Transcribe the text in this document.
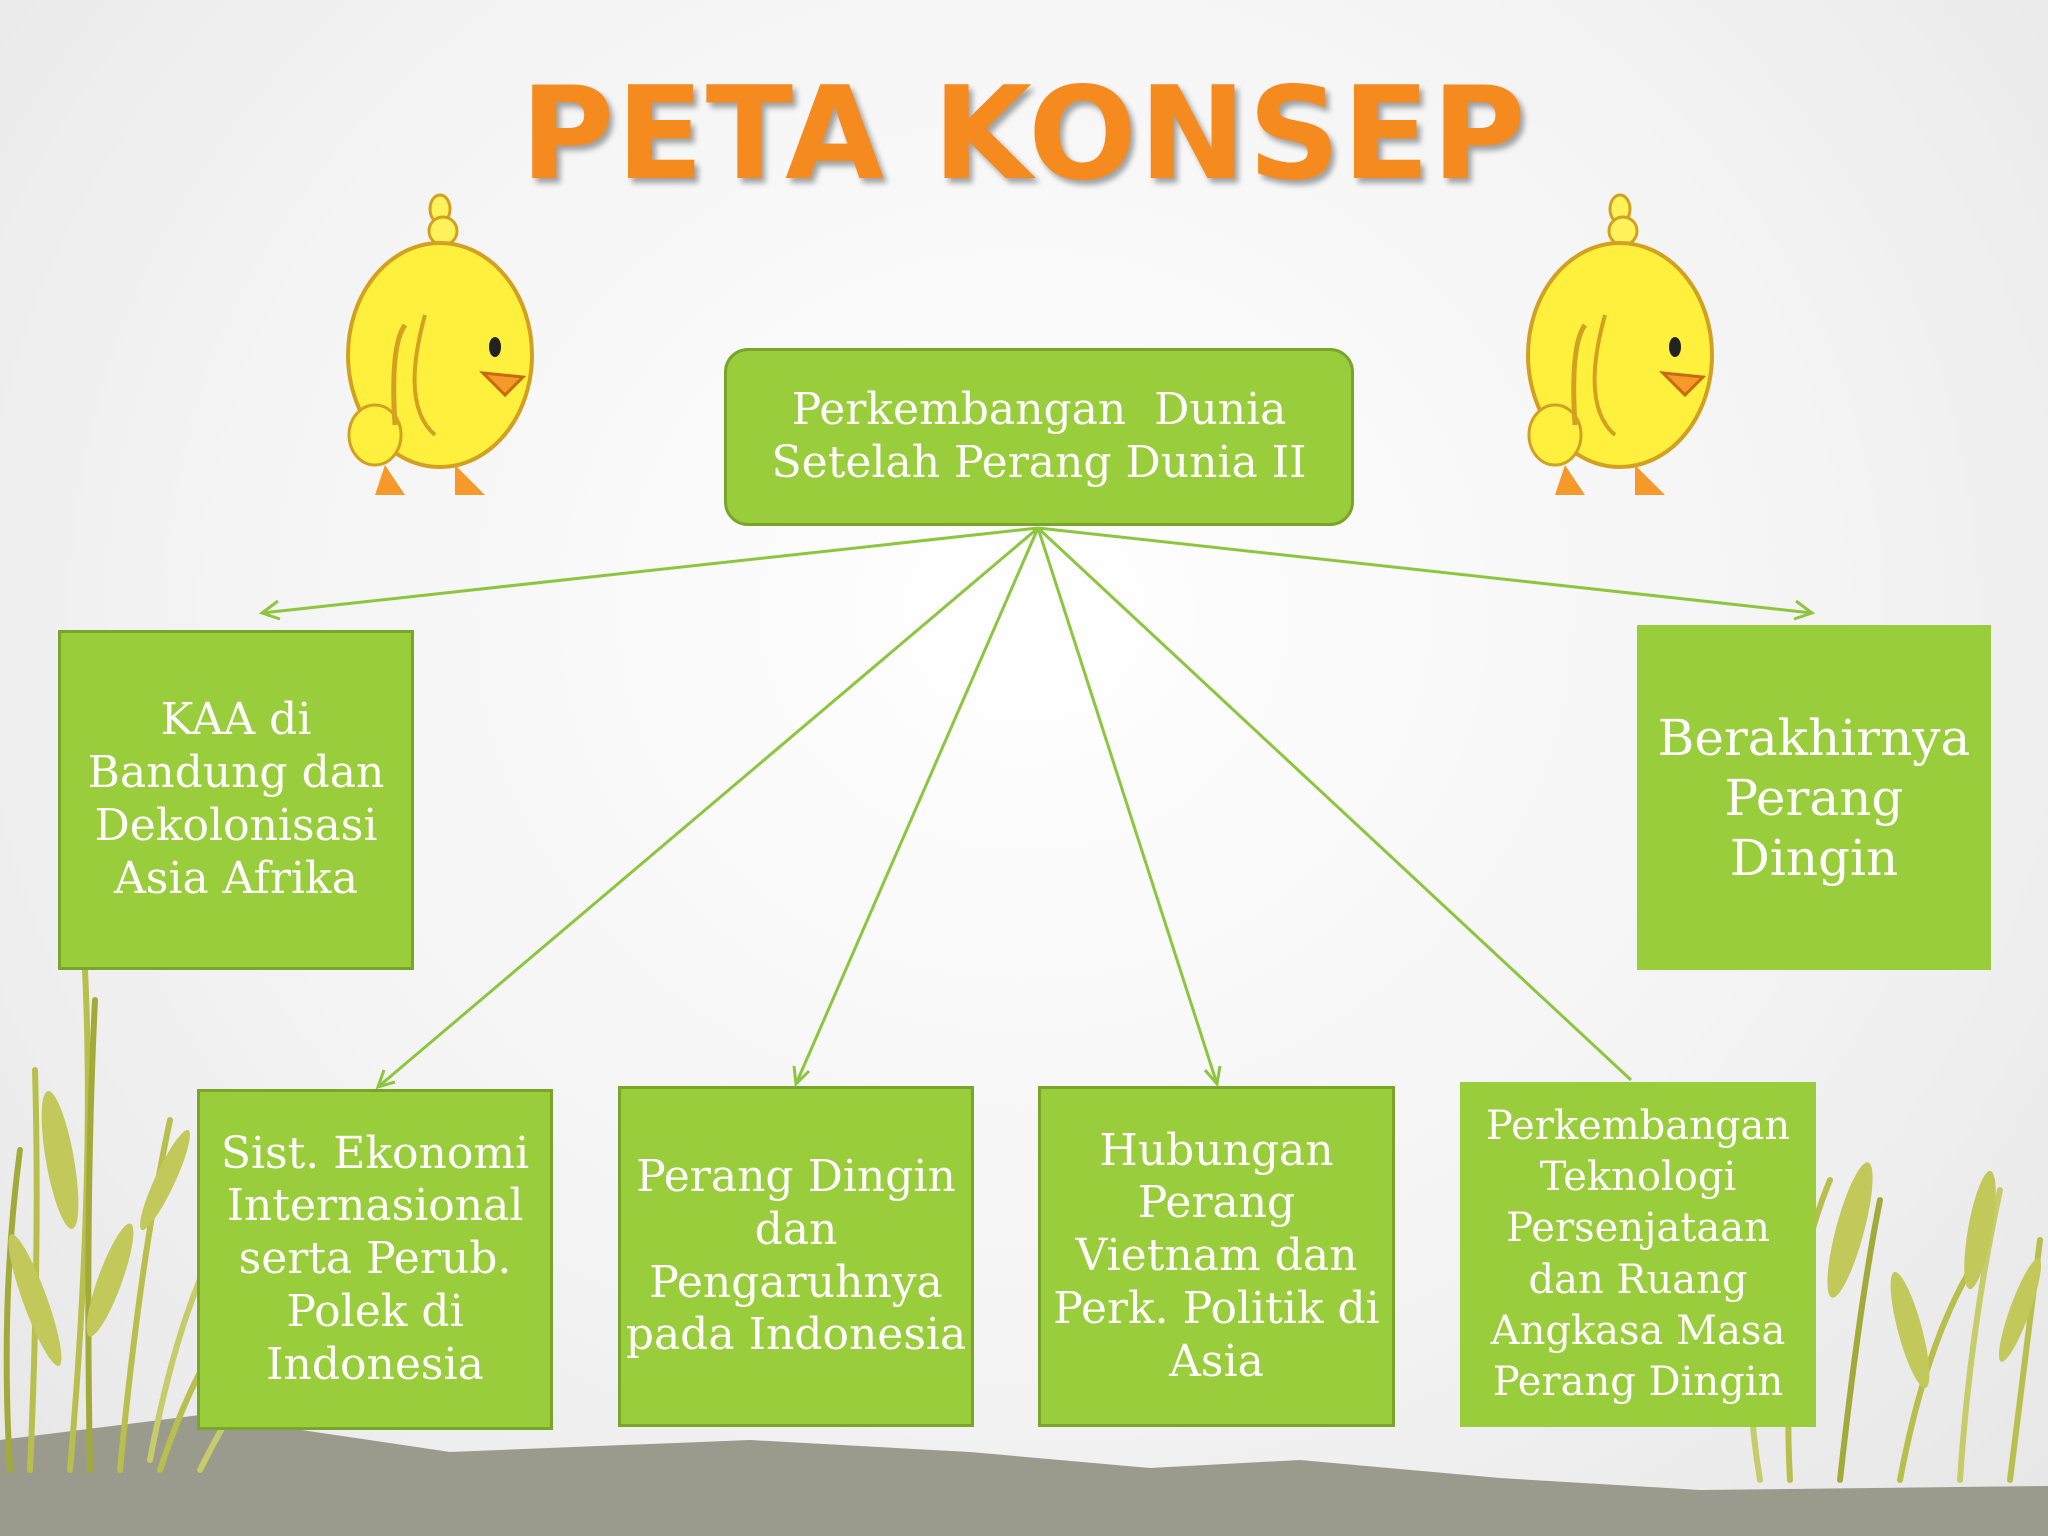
PETA KONSEP
Perkembangan  Dunia
Setelah Perang Dunia II
KAA di
Bandung dan
Dekolonisasi
Asia Afrika
Berakhirnya
Perang
Dingin
Sist. Ekonomi
Internasional
serta Perub.
Polek di
Indonesia
Perang Dingin
dan
Pengaruhnya
pada Indonesia
Hubungan
Perang
Vietnam dan
Perk. Politik di
Asia
Perkembangan
Teknologi
Persenjataan
dan Ruang
Angkasa Masa
Perang Dingin
